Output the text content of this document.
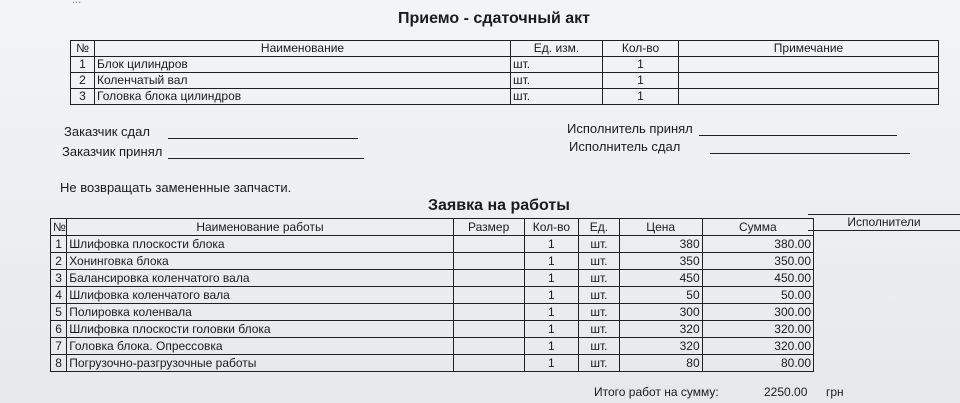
...
Приемо - сдаточный акт
№	Наименование	Ед. изм.	Кол-во	Примечание
1	Блок цилиндров	шт.	1	
2	Коленчатый вал	шт.	1	
3	Головка блока цилиндров	шт.	1	
Заказчик сдал
Заказчик принял
Исполнитель принял
Исполнитель сдал
Не возвращать замененные запчасти.
Заявка на работы
Исполнители
№	Наименование работы	Размер	Кол-во	Ед.	Цена	Сумма
1	Шлифовка плоскости блока		1	шт.	380	380.00
2	Хонинговка блока		1	шт.	350	350.00
3	Балансировка коленчатого вала		1	шт.	450	450.00
4	Шлифовка коленчатого вала		1	шт.	50	50.00
5	Полировка коленвала		1	шт.	300	300.00
6	Шлифовка плоскости головки блока		1	шт.	320	320.00
7	Головка блока. Опрессовка		1	шт.	320	320.00
8	Погрузочно-разгрузочные работы		1	шт.	80	80.00
Итого работ на сумму:	2250.00 грн
